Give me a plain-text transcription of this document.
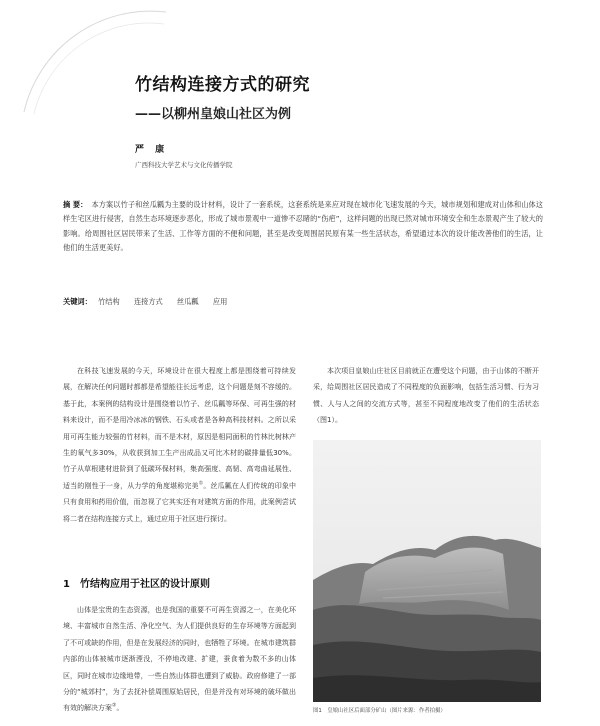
竹结构连接方式的研究
——以柳州皇娘山社区为例
严 康
广西科技大学艺术与文化传播学院
摘 要： 本方案以竹子和丝瓜瓤为主要的设计材料，设计了一套系统，这套系统是来应对现在城市化飞速发展的今天，城市规划和建成对山体和山体这样生宅区进行侵害，自然生态环境逐步恶化，形成了城市景观中一道惨不忍睹的“伤疤”，这样问题的出现已然对城市环境安全和生态景观产生了较大的影响。给周围社区居民带来了生活、工作等方面的不便和问题，甚至是改变周围居民原有某一些生活状态，希望通过本次的设计能改善他们的生活，让他们的生活更美好。
关键词： 竹结构 连接方式 丝瓜瓤 应用

在科技飞速发展的今天，环境设计在很大程度上都是围绕着可持续发展，在解决任何问题时都都是希望能往长远考虑，这个问题是刻不容缓的。基于此，本案例的结构设计是围绕着以竹子、丝瓜瓤等环保、可再生强的材料来设计，而不是用冷冰冰的钢铁、石头或者是各种高科技材料。之所以采用可再生能力较强的竹材料，而不是木材，原因是相同面积的竹林比树林产生的氧气多30%，从收获到加工生产出成品又可比木材的碳排量低30%。竹子从草根建材进阶到了低碳环保材料，集高强度、高韧、高弯曲延展性、适当的刚性于一身，从力学的角度堪称完美①。丝瓜瓤在人们传统的印象中只有食用和药用价值，而忽视了它其实还有对建筑方面的作用，此案例尝试将二者在结构连接方式上，通过应用于社区进行探讨。

本次项目皇娘山庄社区目前就正在遭受这个问题，由于山体的不断开采，给周围社区居民造成了不同程度的负面影响，包括生活习惯、行为习惯、人与人之间的交流方式等，甚至不同程度地改变了他们的生活状态（图1）。

1 竹结构应用于社区的设计原则

山体是宝贵的生态资源，也是我国的重要不可再生资源之一，在美化环境、丰富城市自然生活、净化空气、为人们提供良好的生存环境等方面起到了不可或缺的作用，但是在发展经济的同时，也牺牲了环境。在城市建筑群内部的山体被城市逐渐湮没，不停地改建、扩建，蚕食着为数不多的山体区，同时在城市边缘地带，一些自然山体群也遭到了威胁。政府修建了一部分的“城郊村”，为了去抚补偿周围原始居民，但是并没有对环境的破坏做出有效的解决方案②。	图1　皇娘山社区后面部分矿山（图片来源：作者拍摄）
